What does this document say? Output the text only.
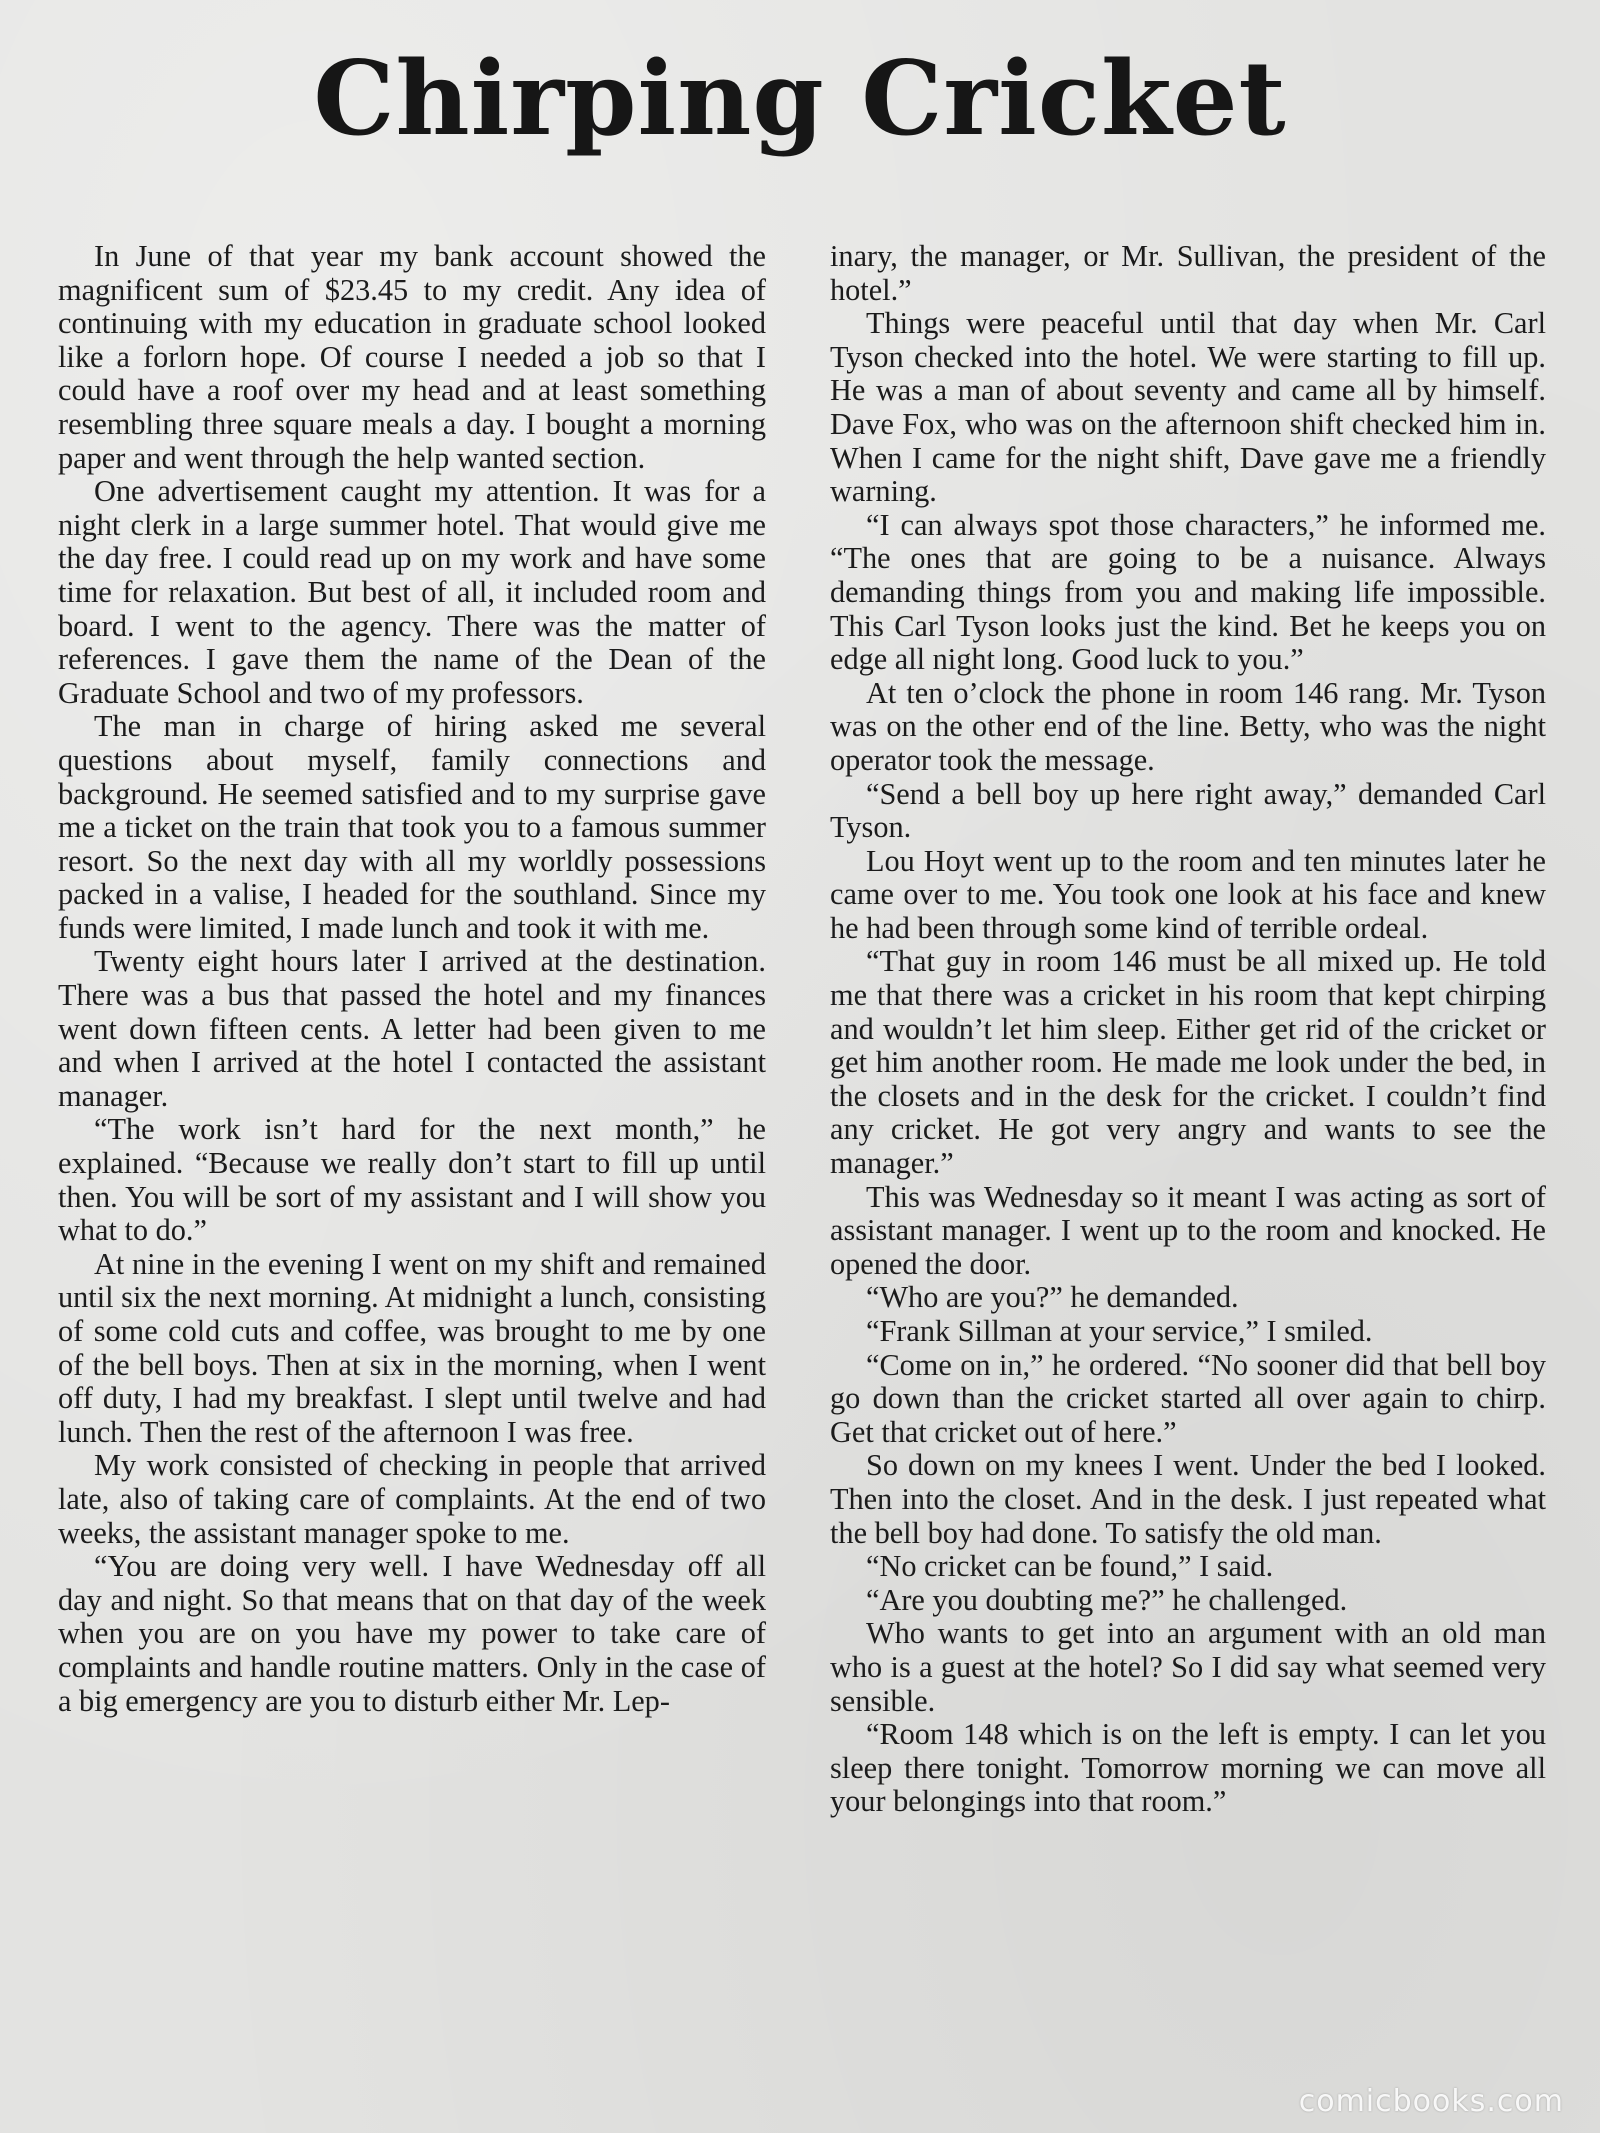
Chirping Cricket

In June of that year my bank account showed the magnificent sum of $23.45 to my credit. Any idea of continuing with my education in graduate school looked like a forlorn hope. Of course I needed a job so that I could have a roof over my head and at least something resembling three square meals a day. I bought a morning paper and went through the help wanted section.

One advertisement caught my attention. It was for a night clerk in a large summer hotel. That would give me the day free. I could read up on my work and have some time for relaxation. But best of all, it included room and board. I went to the agency. There was the matter of references. I gave them the name of the Dean of the Graduate School and two of my professors.

The man in charge of hiring asked me several questions about myself, family connections and background. He seemed satisfied and to my surprise gave me a ticket on the train that took you to a famous summer resort. So the next day with all my worldly possessions packed in a valise, I headed for the southland. Since my funds were limited, I made lunch and took it with me.

Twenty eight hours later I arrived at the destination. There was a bus that passed the hotel and my finances went down fifteen cents. A letter had been given to me and when I arrived at the hotel I contacted the assistant manager.

“The work isn’t hard for the next month,” he explained. “Because we really don’t start to fill up until then. You will be sort of my assistant and I will show you what to do.”

At nine in the evening I went on my shift and remained until six the next morning. At midnight a lunch, consisting of some cold cuts and coffee, was brought to me by one of the bell boys. Then at six in the morning, when I went off duty, I had my breakfast. I slept until twelve and had lunch. Then the rest of the afternoon I was free.

My work consisted of checking in people that arrived late, also of taking care of complaints. At the end of two weeks, the assistant manager spoke to me.

“You are doing very well. I have Wednesday off all day and night. So that means that on that day of the week when you are on you have my power to take care of complaints and handle routine matters. Only in the case of a big emergency are you to disturb either Mr. Lep-

inary, the manager, or Mr. Sullivan, the president of the hotel.”

Things were peaceful until that day when Mr. Carl Tyson checked into the hotel. We were starting to fill up. He was a man of about seventy and came all by himself. Dave Fox, who was on the afternoon shift checked him in. When I came for the night shift, Dave gave me a friendly warning.

“I can always spot those characters,” he informed me. “The ones that are going to be a nuisance. Always demanding things from you and making life impossible. This Carl Tyson looks just the kind. Bet he keeps you on edge all night long. Good luck to you.”

At ten o’clock the phone in room 146 rang. Mr. Tyson was on the other end of the line. Betty, who was the night operator took the message.

“Send a bell boy up here right away,” demanded Carl Tyson.

Lou Hoyt went up to the room and ten minutes later he came over to me. You took one look at his face and knew he had been through some kind of terrible ordeal.

“That guy in room 146 must be all mixed up. He told me that there was a cricket in his room that kept chirping and wouldn’t let him sleep. Either get rid of the cricket or get him another room. He made me look under the bed, in the closets and in the desk for the cricket. I couldn’t find any cricket. He got very angry and wants to see the manager.”

This was Wednesday so it meant I was acting as sort of assistant manager. I went up to the room and knocked. He opened the door.

“Who are you?” he demanded.

“Frank Sillman at your service,” I smiled.

“Come on in,” he ordered. “No sooner did that bell boy go down than the cricket started all over again to chirp. Get that cricket out of here.”

So down on my knees I went. Under the bed I looked. Then into the closet. And in the desk. I just repeated what the bell boy had done. To satisfy the old man.

“No cricket can be found,” I said.

“Are you doubting me?” he challenged.

Who wants to get into an argument with an old man who is a guest at the hotel? So I did say what seemed very sensible.

“Room 148 which is on the left is empty. I can let you sleep there tonight. Tomorrow morning we can move all your belongings into that room.”

comicbooks.com
